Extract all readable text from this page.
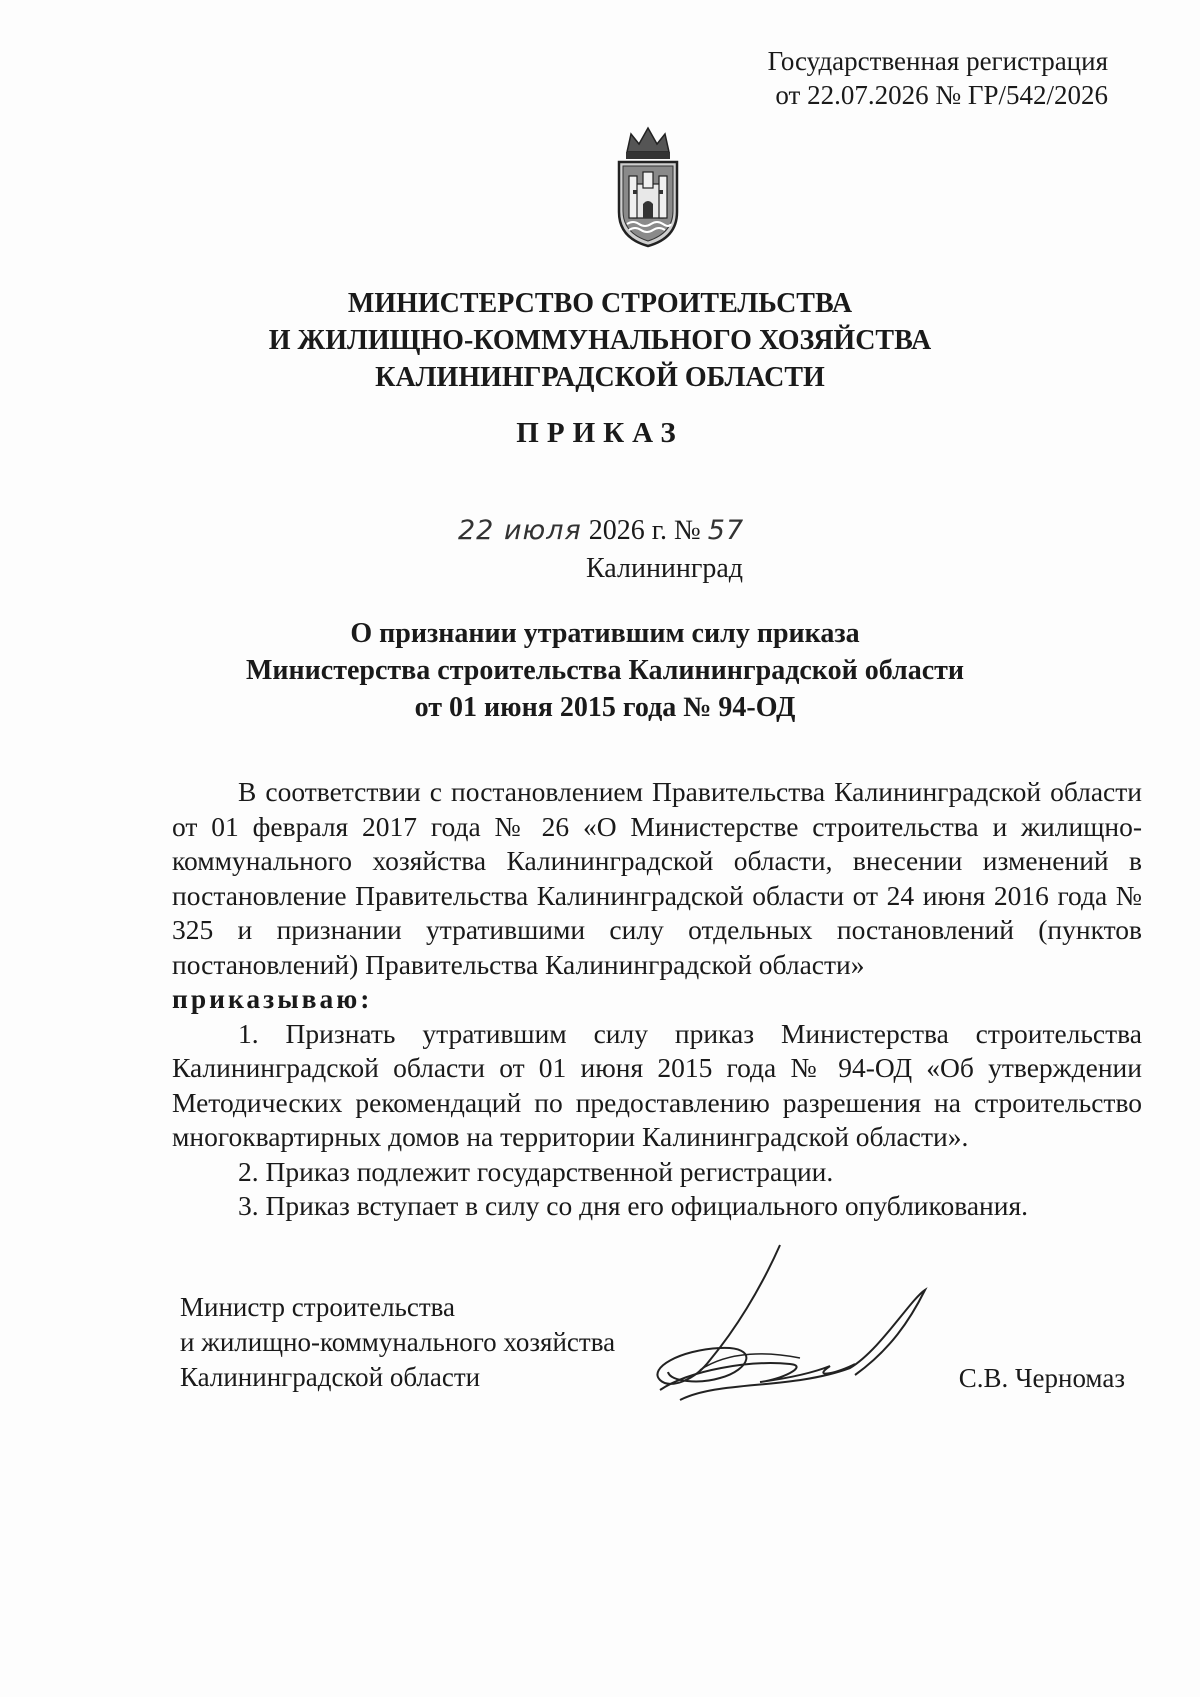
Государственная регистрация
от 22.07.2026 № ГР/542/2026
МИНИСТЕРСТВО СТРОИТЕЛЬСТВА
И ЖИЛИЩНО-КОММУНАЛЬНОГО ХОЗЯЙСТВА
КАЛИНИНГРАДСКОЙ ОБЛАСТИ
ПРИКАЗ
22 июля 2026 г. № 57
Калининград
О признании утратившим силу приказа
Министерства строительства Калининградской области
от 01 июня 2015 года № 94-ОД

В соответствии с постановлением Правительства Калининградской области от 01 февраля 2017 года № 26 «О Министерстве строительства и жилищно-коммунального хозяйства Калининградской области, внесении изменений в постановление Правительства Калининградской области от 24 июня 2016 года № 325 и признании утратившими силу отдельных постановлений (пунктов постановлений) Правительства Калининградской области»

приказываю:

1. Признать утратившим силу приказ Министерства строительства Калининградской области от 01 июня 2015 года № 94-ОД «Об утверждении Методических рекомендаций по предоставлению разрешения на строительство многоквартирных домов на территории Калининградской области».

2. Приказ подлежит государственной регистрации.

3. Приказ вступает в силу со дня его официального опубликования.

Министр строительства
и жилищно-коммунального хозяйства
Калининградской области	С.В. Черномаз
